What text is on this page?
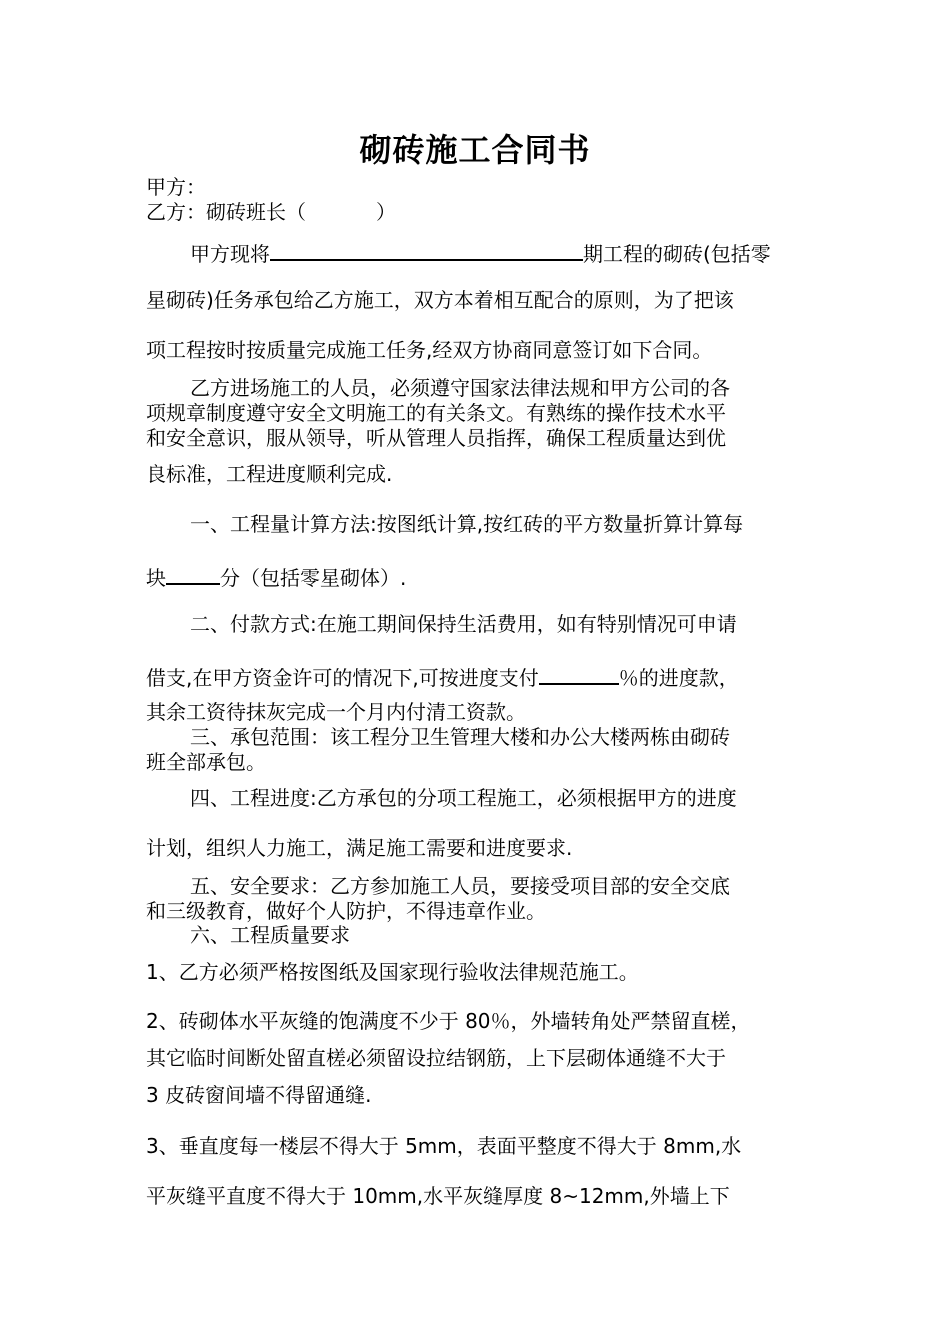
砌砖施工合同书
甲方：
乙方：砌砖班长（	）
甲方现将	期工程的砌砖(包括零
星砌砖)任务承包给乙方施工，双方本着相互配合的原则，为了把该
项工程按时按质量完成施工任务,经双方协商同意签订如下合同。
乙方进场施工的人员，必须遵守国家法律法规和甲方公司的各
项规章制度遵守安全文明施工的有关条文。有熟练的操作技术水平
和安全意识，服从领导，听从管理人员指挥，确保工程质量达到优
良标准，工程进度顺利完成.
一、工程量计算方法:按图纸计算,按红砖的平方数量折算计算每
块	分（包括零星砌体）.
二、付款方式:在施工期间保持生活费用，如有特别情况可申请
借支,在甲方资金许可的情况下,可按进度支付	％的进度款，
其余工资待抹灰完成一个月内付清工资款。
三、承包范围：该工程分卫生管理大楼和办公大楼两栋由砌砖
班全部承包。
四、工程进度:乙方承包的分项工程施工，必须根据甲方的进度
计划，组织人力施工，满足施工需要和进度要求.
五、安全要求：乙方参加施工人员，要接受项目部的安全交底
和三级教育，做好个人防护，不得违章作业。
六、工程质量要求
1、乙方必须严格按图纸及国家现行验收法律规范施工。
2、砖砌体水平灰缝的饱满度不少于 80％，外墙转角处严禁留直槎，
其它临时间断处留直槎必须留设拉结钢筋，上下层砌体通缝不大于
3 皮砖窗间墙不得留通缝.
3、垂直度每一楼层不得大于 5mm，表面平整度不得大于 8mm,水
平灰缝平直度不得大于 10mm,水平灰缝厚度 8~12mm,外墙上下
